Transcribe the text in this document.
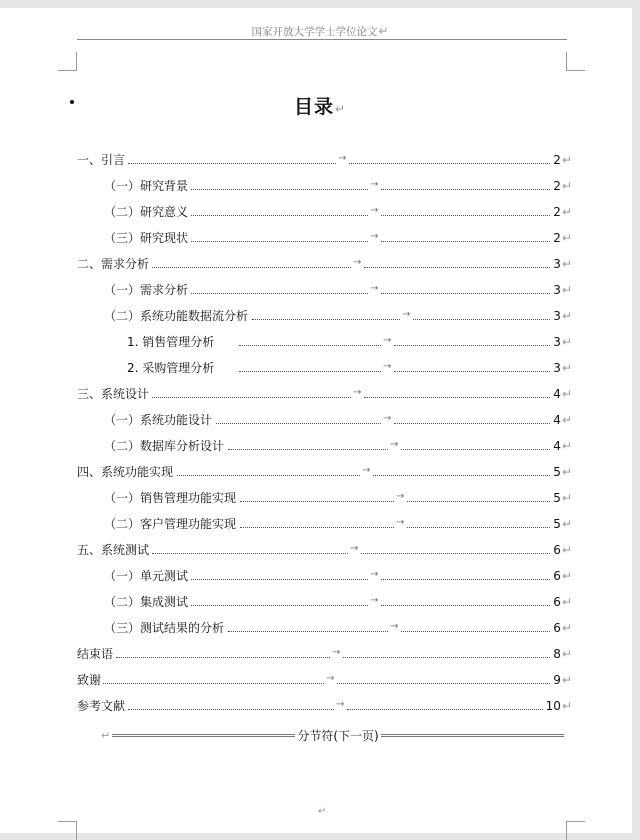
国家开放大学学士学位论文↵
目录↵
一、引言	→	2↵
（一）研究背景	→	2↵
（二）研究意义	→	2↵
（三）研究现状	→	2↵
二、需求分析	→	3↵
（一）需求分析	→	3↵
（二）系统功能数据流分析	→	3↵
1. 销售管理分析	→	3↵
2. 采购管理分析	→	3↵
三、系统设计	→	4↵
（一）系统功能设计	→	4↵
（二）数据库分析设计	→	4↵
四、系统功能实现	→	5↵
（一）销售管理功能实现	→	5↵
（二）客户管理功能实现	→	5↵
五、系统测试	→	6↵
（一）单元测试	→	6↵
（二）集成测试	→	6↵
（三）测试结果的分析	→	6↵
结束语	→	8↵
致谢	→	9↵
参考文献	→	10↵
↵	分节符(下一页)
↵
